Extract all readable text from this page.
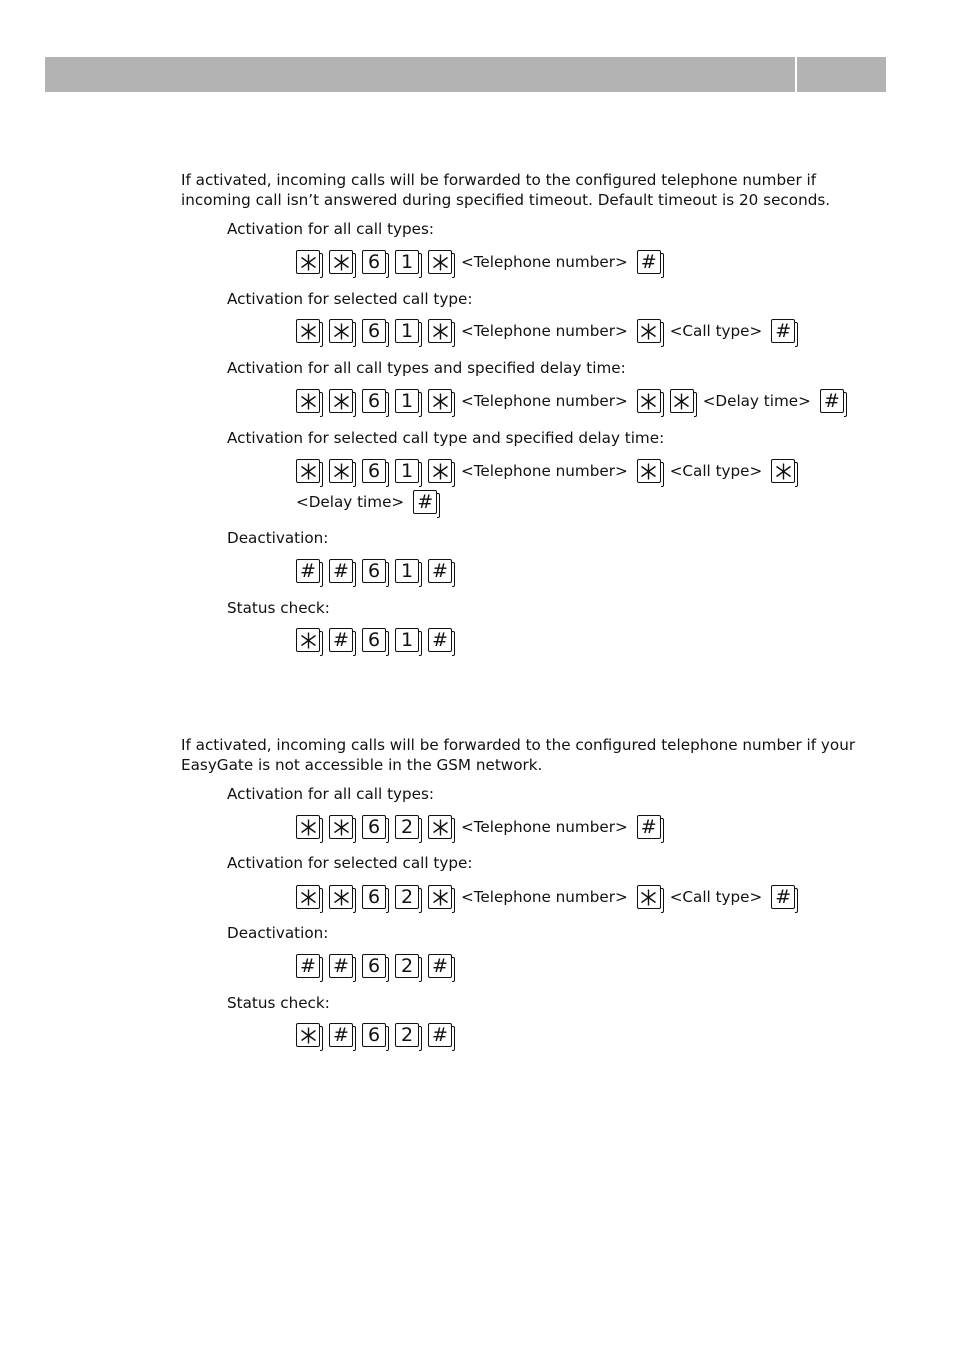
If activated, incoming calls will be forwarded to the configured telephone number if incoming call isn’t answered during specified timeout. Default timeout is 20 seconds.

Activation for all call types:
6	1	<Telephone number> #
Activation for selected call type:
6	1	<Telephone number>	<Call type> #
Activation for all call types and specified delay time:
6	1	<Telephone number>	<Delay time> #
Activation for selected call type and specified delay time:
6	1	<Telephone number>	<Call type>
<Delay time> #
Deactivation:
# #	6	1 #
Status check:
#	6	1 #

If activated, incoming calls will be forwarded to the configured telephone number if your EasyGate is not accessible in the GSM network.

Activation for all call types:
6	2	<Telephone number> #
Activation for selected call type:
6	2	<Telephone number>	<Call type> #
Deactivation:
# #	6	2 #
Status check:
#	6	2 #
